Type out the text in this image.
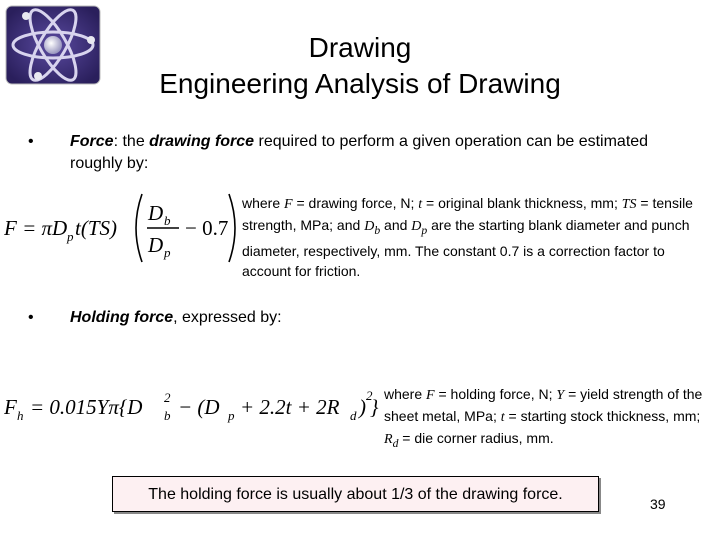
Drawing
Engineering Analysis of Drawing
• Force: the drawing force required to perform a given operation can be estimated roughly by:
F = πD p t(TS)
D b
D p
− 0.7
where F = drawing force, N; t = original blank thickness, mm; TS = tensile strength, MPa; and $D_b$ and $D_p$ are the starting blank diameter and punch diameter, respectively, mm. The constant 0.7 is a correction factor to account for friction.
• Holding force, expressed by:
F h = 0.015Yπ{D b
2 − (D p + 2.2t + 2R d ) 2
}
where F = holding force, N; Y = yield strength of the sheet metal, MPa; t = starting stock thickness, mm; $R_d$ = die corner radius, mm.
The holding force is usually about 1/3 of the drawing force.
39
